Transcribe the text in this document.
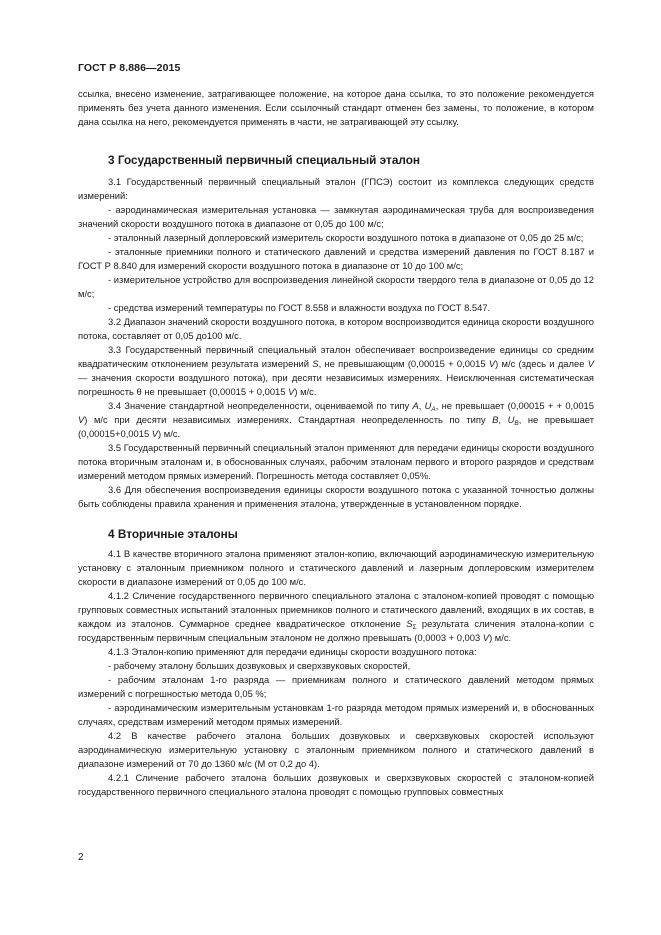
ГОСТ Р 8.886—2015

ссылка, внесено изменение, затрагивающее положение, на которое дана ссылка, то это положение рекомендуется применять без учета данного изменения. Если ссылочный стандарт отменен без замены, то положение, в котором дана ссылка на него, рекомендуется применять в части, не затрагивающей эту ссылку.

3 Государственный первичный специальный эталон

3.1 Государственный первичный специальный эталон (ГПСЭ) состоит из комплекса следующих средств измерений:

- аэродинамическая измерительная установка — замкнутая аэродинамическая труба для воспроизведения значений скорости воздушного потока в диапазоне от 0,05 до 100 м/с;

- эталонный лазерный доплеровский измеритель скорости воздушного потока в диапазоне от 0,05 до 25 м/с;

- эталонные приемники полного и статического давлений и средства измерений давления по ГОСТ 8.187 и ГОСТ Р 8.840 для измерений скорости воздушного потока в диапазоне от 10 до 100 м/с;

- измерительное устройство для воспроизведения линейной скорости твердого тела в диапазоне от 0,05 до 12 м/с;

- средства измерений температуры по ГОСТ 8.558 и влажности воздуха по ГОСТ 8.547.

3.2 Диапазон значений скорости воздушного потока, в котором воспроизводится единица скорости воздушного потока, составляет от 0,05 до100 м/с.

3.3 Государственный первичный специальный эталон обеспечивает воспроизведение единицы со средним квадратическим отклонением результата измерений S, не превышающим (0,00015 + 0,0015 V) м/с (здесь и далее V — значения скорости воздушного потока), при десяти независимых измерениях. Неисключенная систематическая погрешность θ не превышает (0,00015 + 0,0015 V) м/с.

3.4 Значение стандартной неопределенности, оцениваемой по типу А, $U_A$, не превышает (0,00015 + + 0,0015 V) м/с при десяти независимых измерениях. Стандартная неопределенность по типу В, $U_B$, не превышает (0,00015+0,0015 V) м/с.

3.5 Государственный первичный специальный эталон применяют для передачи единицы скорости воздушного потока вторичным эталонам и, в обоснованных случаях, рабочим эталонам первого и второго разрядов и средствам измерений методом прямых измерений. Погрешность метода составляет 0,05%.

3.6 Для обеспечения воспроизведения единицы скорости воздушного потока с указанной точностью должны быть соблюдены правила хранения и применения эталона, утвержденные в установленном порядке.

4 Вторичные эталоны

4.1 В качестве вторичного эталона применяют эталон-копию, включающий аэродинамическую измерительную установку с эталонным приемником полного и статического давлений и лазерным доплеровским измерителем скорости в диапазоне измерений от 0,05 до 100 м/с.

4.1.2 Сличение государственного первичного специального эталона с эталоном-копией проводят с помощью групповых совместных испытаний эталонных приемников полного и статического давлений, входящих в их состав, в каждом из эталонов. Суммарное среднее квадратическое отклонение $S_\Sigma$ результата сличения эталона-копии с государственным первичным специальным эталоном не должно превышать (0,0003 + 0,003 V) м/с.

4.1.3 Эталон-копию применяют для передачи единицы скорости воздушного потока:

- рабочему эталону больших дозвуковых и сверхзвуковых скоростей,

- рабочим эталонам 1-го разряда — приемникам полного и статического давлений методом прямых измерений с погрешностью метода 0,05 %;

- аэродинамическим измерительным установкам 1-го разряда методом прямых измерений и, в обоснованных случаях, средствам измерений методом прямых измерений.

4.2 В качестве рабочего эталона больших дозвуковых и сверхзвуковых скоростей используют аэродинамическую измерительную установку с эталонным приемником полного и статического давлений в диапазоне измерений от 70 до 1360 м/с (М от 0,2 до 4).

4.2.1 Сличение рабочего эталона больших дозвуковых и сверхзвуковых скоростей с эталоном-копией государственного первичного специального эталона проводят с помощью групповых совместных

2
